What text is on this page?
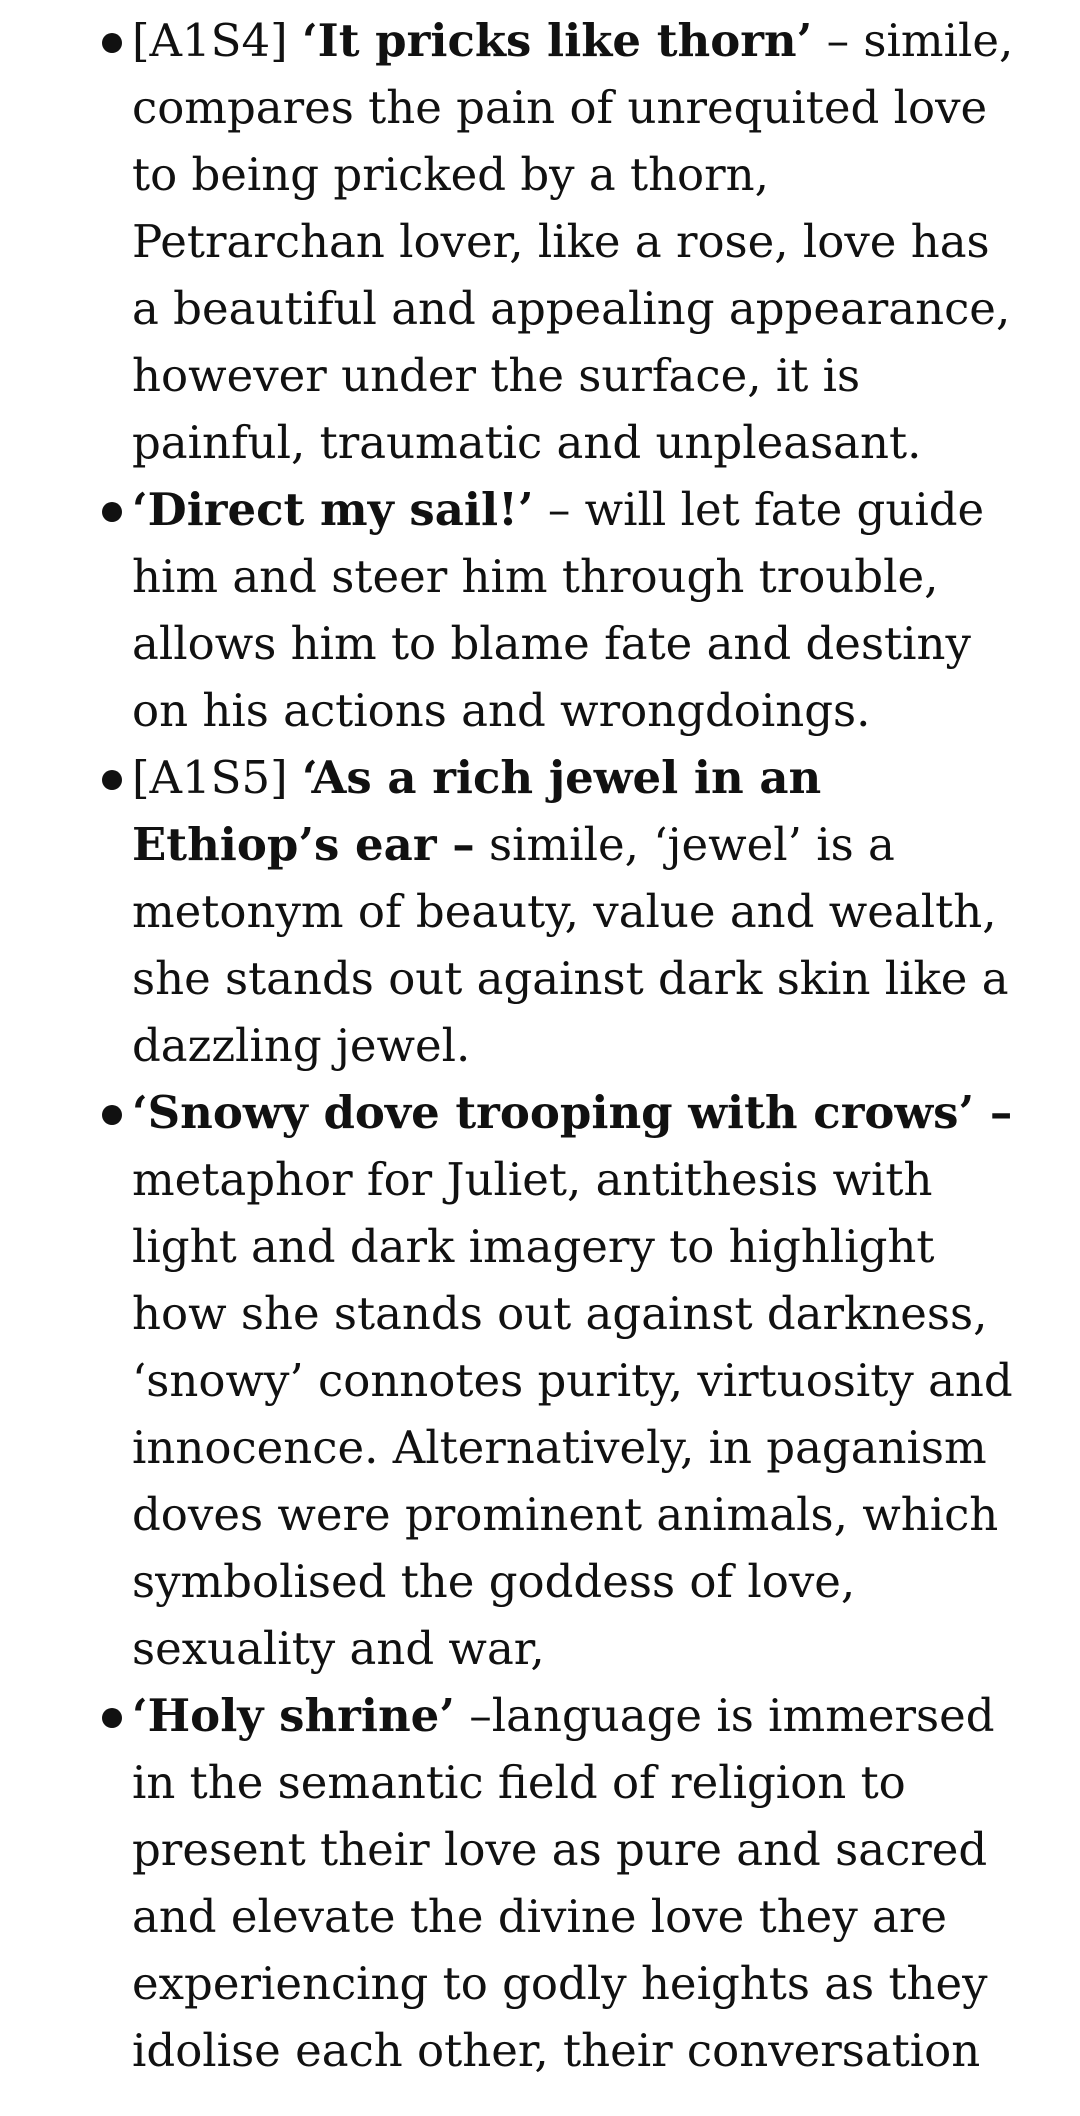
[A1S4] ‘It pricks like thorn’ – simile, compares the pain of unrequited love to being pricked by a thorn, Petrarchan lover, like a rose, love has a beautiful and appealing appearance, however under the surface, it is painful, traumatic and unpleasant.
‘Direct my sail!’ – will let fate guide him and steer him through trouble, allows him to blame fate and destiny on his actions and wrongdoings.
[A1S5] ‘As a rich jewel in an Ethiop’s ear – simile, ‘jewel’ is a metonym of beauty, value and wealth, she stands out against dark skin like a dazzling jewel.
‘Snowy dove trooping with crows’ – metaphor for Juliet, antithesis with light and dark imagery to highlight how she stands out against darkness, ‘snowy’ connotes purity, virtuosity and innocence. Alternatively, in paganism doves were prominent animals, which symbolised the goddess of love, sexuality and war,
‘Holy shrine’ –language is immersed in the semantic field of religion to present their love as pure and sacred and elevate the divine love they are experiencing to godly heights as they idolise each other, their conversation
